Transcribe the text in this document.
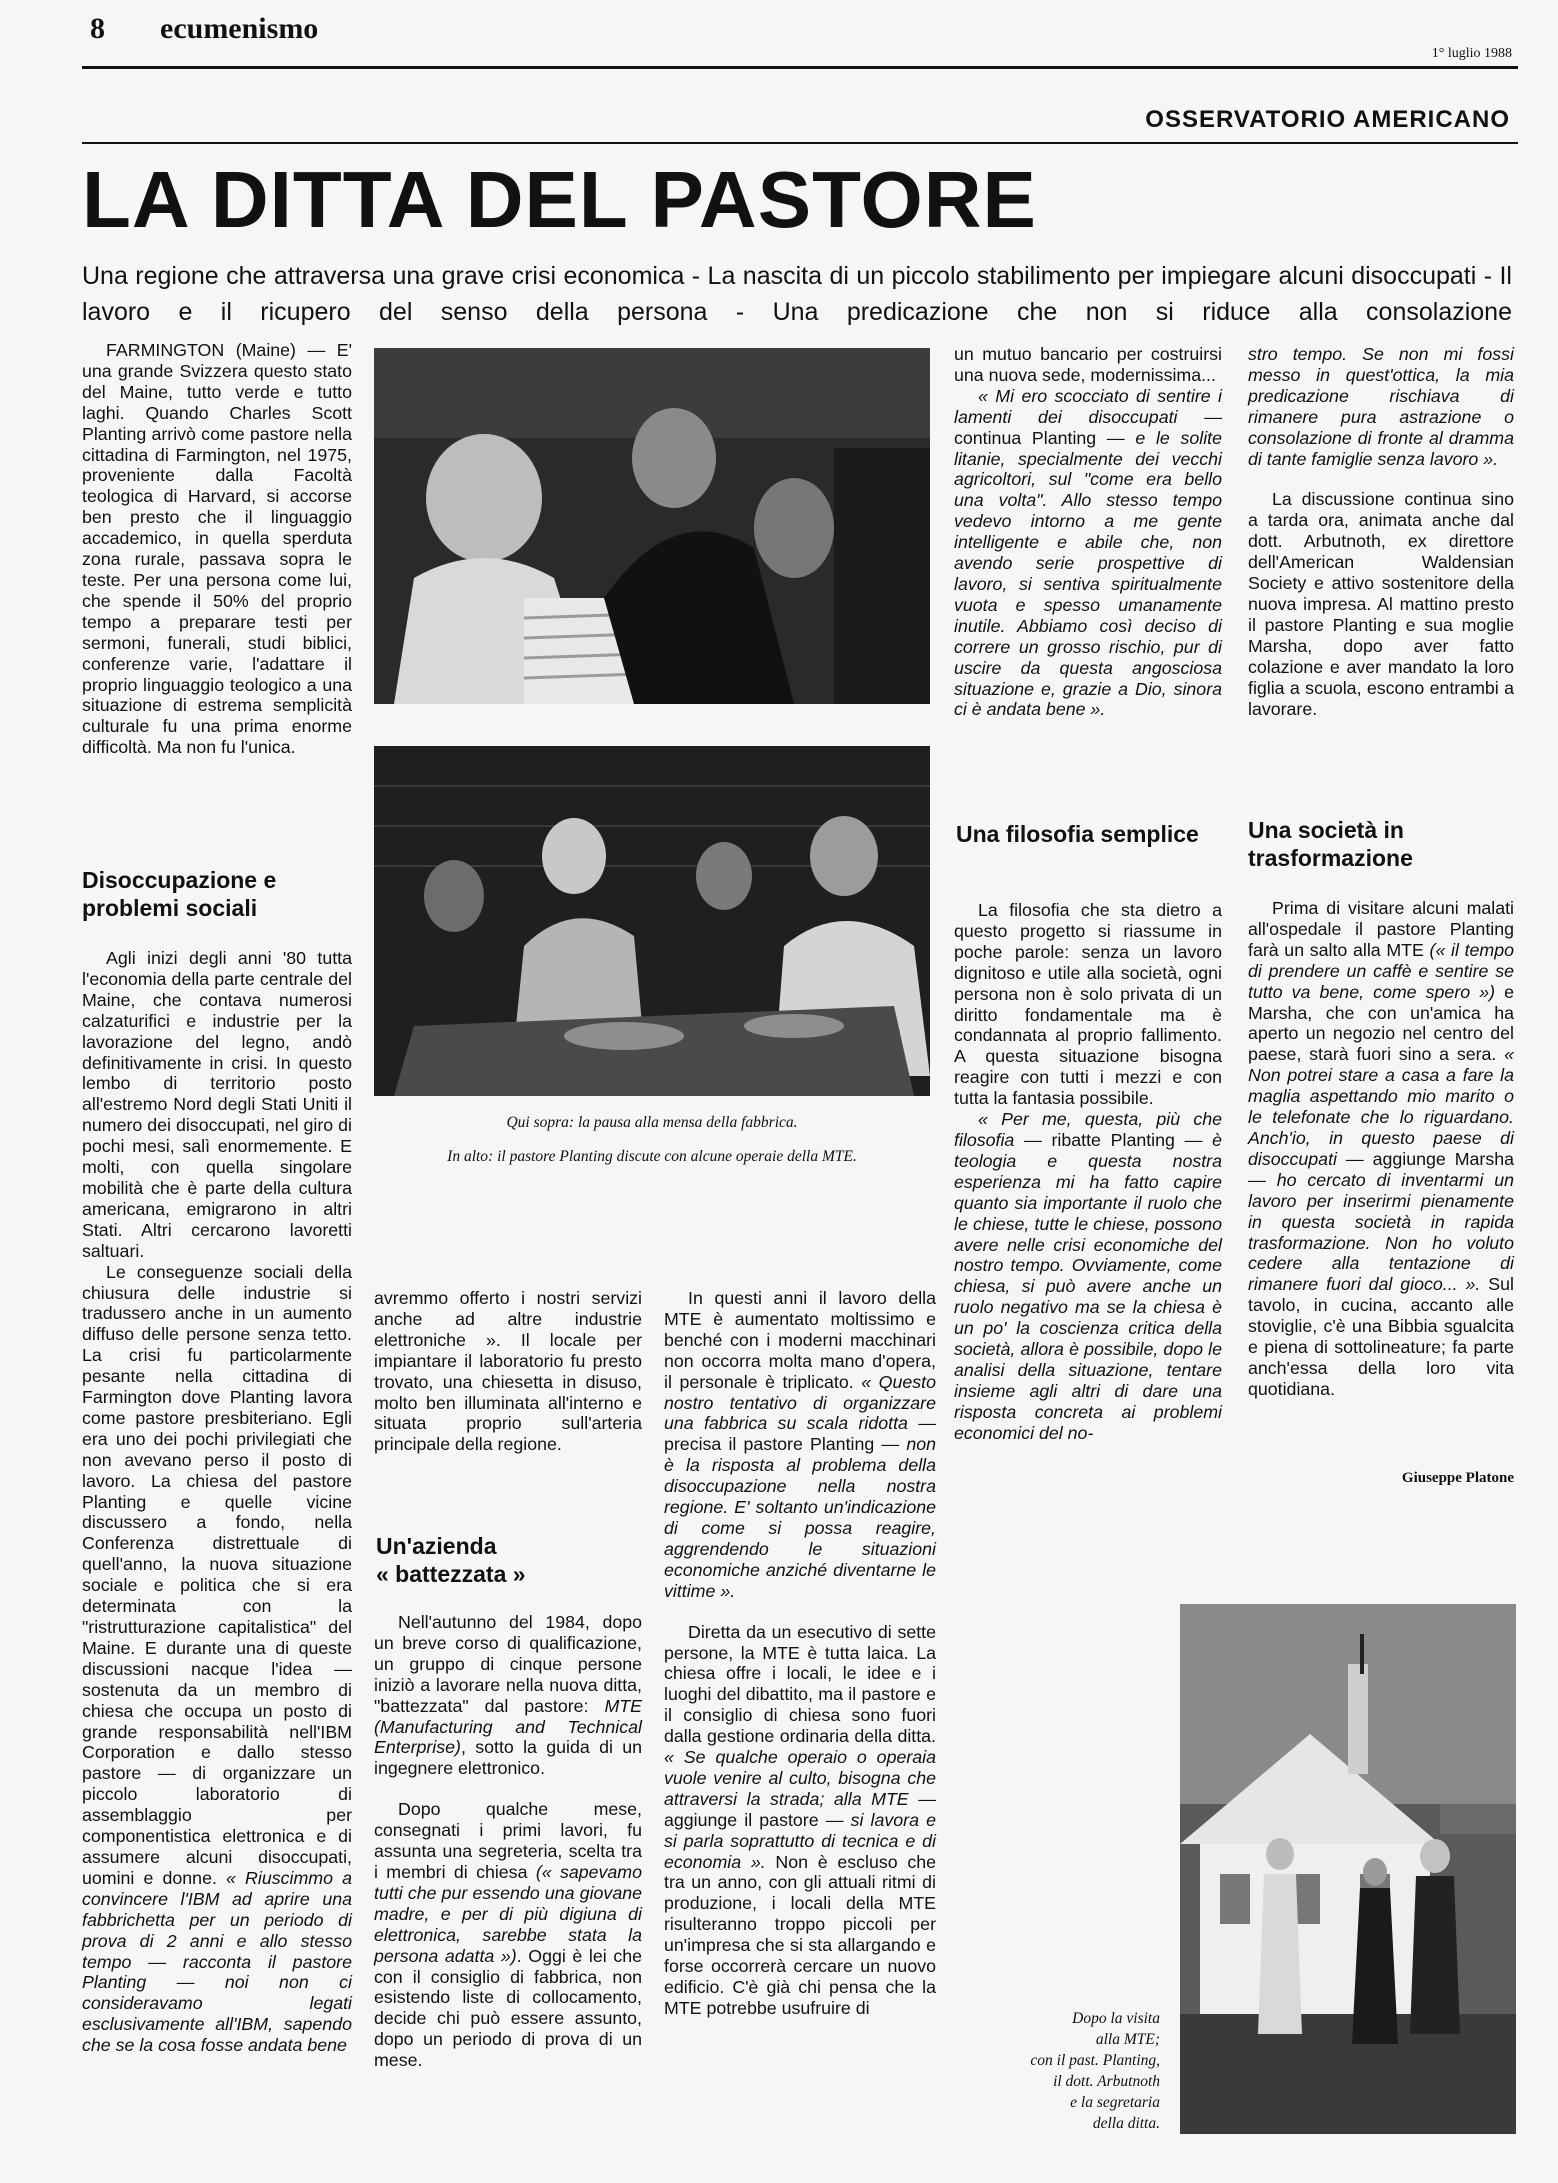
8 ecumenismo
1° luglio 1988
OSSERVATORIO AMERICANO
LA DITTA DEL PASTORE
Una regione che attraversa una grave crisi economica - La nascita di un piccolo stabilimento per impiegare alcuni disoccupati - Il lavoro e il ricupero del senso della persona - Una predicazione che non si riduce alla consolazione

FARMINGTON (Maine) — E' una grande Svizzera questo stato del Maine, tutto verde e tutto laghi. Quando Charles Scott Planting arrivò come pastore nella cittadina di Farmington, nel 1975, proveniente dalla Facoltà teologica di Harvard, si accorse ben presto che il linguaggio accademico, in quella sperduta zona rurale, passava sopra le teste. Per una persona come lui, che spende il 50% del proprio tempo a preparare testi per sermoni, funerali, studi biblici, conferenze varie, l'adattare il proprio linguaggio teologico a una situazione di estrema semplicità culturale fu una prima enorme difficoltà. Ma non fu l'unica.

Disoccupazione e problemi sociali

Agli inizi degli anni '80 tutta l'economia della parte centrale del Maine, che contava numerosi calzaturifici e industrie per la lavorazione del legno, andò definitivamente in crisi. In questo lembo di territorio posto all'estremo Nord degli Stati Uniti il numero dei disoccupati, nel giro di pochi mesi, salì enormemente. E molti, con quella singolare mobilità che è parte della cultura americana, emigrarono in altri Stati. Altri cercarono lavoretti saltuari.

Le conseguenze sociali della chiusura delle industrie si tradussero anche in un aumento diffuso delle persone senza tetto. La crisi fu particolarmente pesante nella cittadina di Farmington dove Planting lavora come pastore presbiteriano. Egli era uno dei pochi privilegiati che non avevano perso il posto di lavoro. La chiesa del pastore Planting e quelle vicine discussero a fondo, nella Conferenza distrettuale di quell'anno, la nuova situazione sociale e politica che si era determinata con la "ristrutturazione capitalistica" del Maine. E durante una di queste discussioni nacque l'idea — sostenuta da un membro di chiesa che occupa un posto di grande responsabilità nell'IBM Corporation e dallo stesso pastore — di organizzare un piccolo laboratorio di assemblaggio per componentistica elettronica e di assumere alcuni disoccupati, uomini e donne. « Riuscimmo a convincere l'IBM ad aprire una fabbrichetta per un periodo di prova di 2 anni e allo stesso tempo — racconta il pastore Planting — noi non ci consideravamo legati esclusivamente all'IBM, sapendo che se la cosa fosse andata bene

Qui sopra: la pausa alla mensa della fabbrica.
In alto: il pastore Planting discute con alcune operaie della MTE.

avremmo offerto i nostri servizi anche ad altre industrie elettroniche ». Il locale per impiantare il laboratorio fu presto trovato, una chiesetta in disuso, molto ben illuminata all'interno e situata proprio sull'arteria principale della regione.

Un'azienda
« battezzata »

Nell'autunno del 1984, dopo un breve corso di qualificazione, un gruppo di cinque persone iniziò a lavorare nella nuova ditta, "battezzata" dal pastore: MTE (Manufacturing and Technical Enterprise), sotto la guida di un ingegnere elettronico.

Dopo qualche mese, consegnati i primi lavori, fu assunta una segreteria, scelta tra i membri di chiesa (« sapevamo tutti che pur essendo una giovane madre, e per di più digiuna di elettronica, sarebbe stata la persona adatta »). Oggi è lei che con il consiglio di fabbrica, non esistendo liste di collocamento, decide chi può essere assunto, dopo un periodo di prova di un mese.

In questi anni il lavoro della MTE è aumentato moltissimo e benché con i moderni macchinari non occorra molta mano d'opera, il personale è triplicato. « Questo nostro tentativo di organizzare una fabbrica su scala ridotta — precisa il pastore Planting — non è la risposta al problema della disoccupazione nella nostra regione. E' soltanto un'indicazione di come si possa reagire, aggrendendo le situazioni economiche anziché diventarne le vittime ».

Diretta da un esecutivo di sette persone, la MTE è tutta laica. La chiesa offre i locali, le idee e i luoghi del dibattito, ma il pastore e il consiglio di chiesa sono fuori dalla gestione ordinaria della ditta. « Se qualche operaio o operaia vuole venire al culto, bisogna che attraversi la strada; alla MTE — aggiunge il pastore — si lavora e si parla soprattutto di tecnica e di economia ». Non è escluso che tra un anno, con gli attuali ritmi di produzione, i locali della MTE risulteranno troppo piccoli per un'impresa che si sta allargando e forse occorrerà cercare un nuovo edificio. C'è già chi pensa che la MTE potrebbe usufruire di

un mutuo bancario per costruirsi una nuova sede, modernissima...

« Mi ero scocciato di sentire i lamenti dei disoccupati — continua Planting — e le solite litanie, specialmente dei vecchi agricoltori, sul "come era bello una volta". Allo stesso tempo vedevo intorno a me gente intelligente e abile che, non avendo serie prospettive di lavoro, si sentiva spiritualmente vuota e spesso umanamente inutile. Abbiamo così deciso di correre un grosso rischio, pur di uscire da questa angosciosa situazione e, grazie a Dio, sinora ci è andata bene ».

Una filosofia semplice

La filosofia che sta dietro a questo progetto si riassume in poche parole: senza un lavoro dignitoso e utile alla società, ogni persona non è solo privata di un diritto fondamentale ma è condannata al proprio fallimento. A questa situazione bisogna reagire con tutti i mezzi e con tutta la fantasia possibile.

« Per me, questa, più che filosofia — ribatte Planting — è teologia e questa nostra esperienza mi ha fatto capire quanto sia importante il ruolo che le chiese, tutte le chiese, possono avere nelle crisi economiche del nostro tempo. Ovviamente, come chiesa, si può avere anche un ruolo negativo ma se la chiesa è un po' la coscienza critica della società, allora è possibile, dopo le analisi della situazione, tentare insieme agli altri di dare una risposta concreta ai problemi economici del no-

stro tempo. Se non mi fossi messo in quest'ottica, la mia predicazione rischiava di rimanere pura astrazione o consolazione di fronte al dramma di tante famiglie senza lavoro ».

La discussione continua sino a tarda ora, animata anche dal dott. Arbutnoth, ex direttore dell'American Waldensian Society e attivo sostenitore della nuova impresa. Al mattino presto il pastore Planting e sua moglie Marsha, dopo aver fatto colazione e aver mandato la loro figlia a scuola, escono entrambi a lavorare.

Una società in trasformazione

Prima di visitare alcuni malati all'ospedale il pastore Planting farà un salto alla MTE (« il tempo di prendere un caffè e sentire se tutto va bene, come spero ») e Marsha, che con un'amica ha aperto un negozio nel centro del paese, starà fuori sino a sera. « Non potrei stare a casa a fare la maglia aspettando mio marito o le telefonate che lo riguardano. Anch'io, in questo paese di disoccupati — aggiunge Marsha — ho cercato di inventarmi un lavoro per inserirmi pienamente in questa società in rapida trasformazione. Non ho voluto cedere alla tentazione di rimanere fuori dal gioco... ». Sul tavolo, in cucina, accanto alle stoviglie, c'è una Bibbia sgualcita e piena di sottolineature; fa parte anch'essa della loro vita quotidiana.

Giuseppe Platone
Dopo la visita
alla MTE;
con il past. Planting,
il dott. Arbutnoth
e la segretaria
della ditta.
